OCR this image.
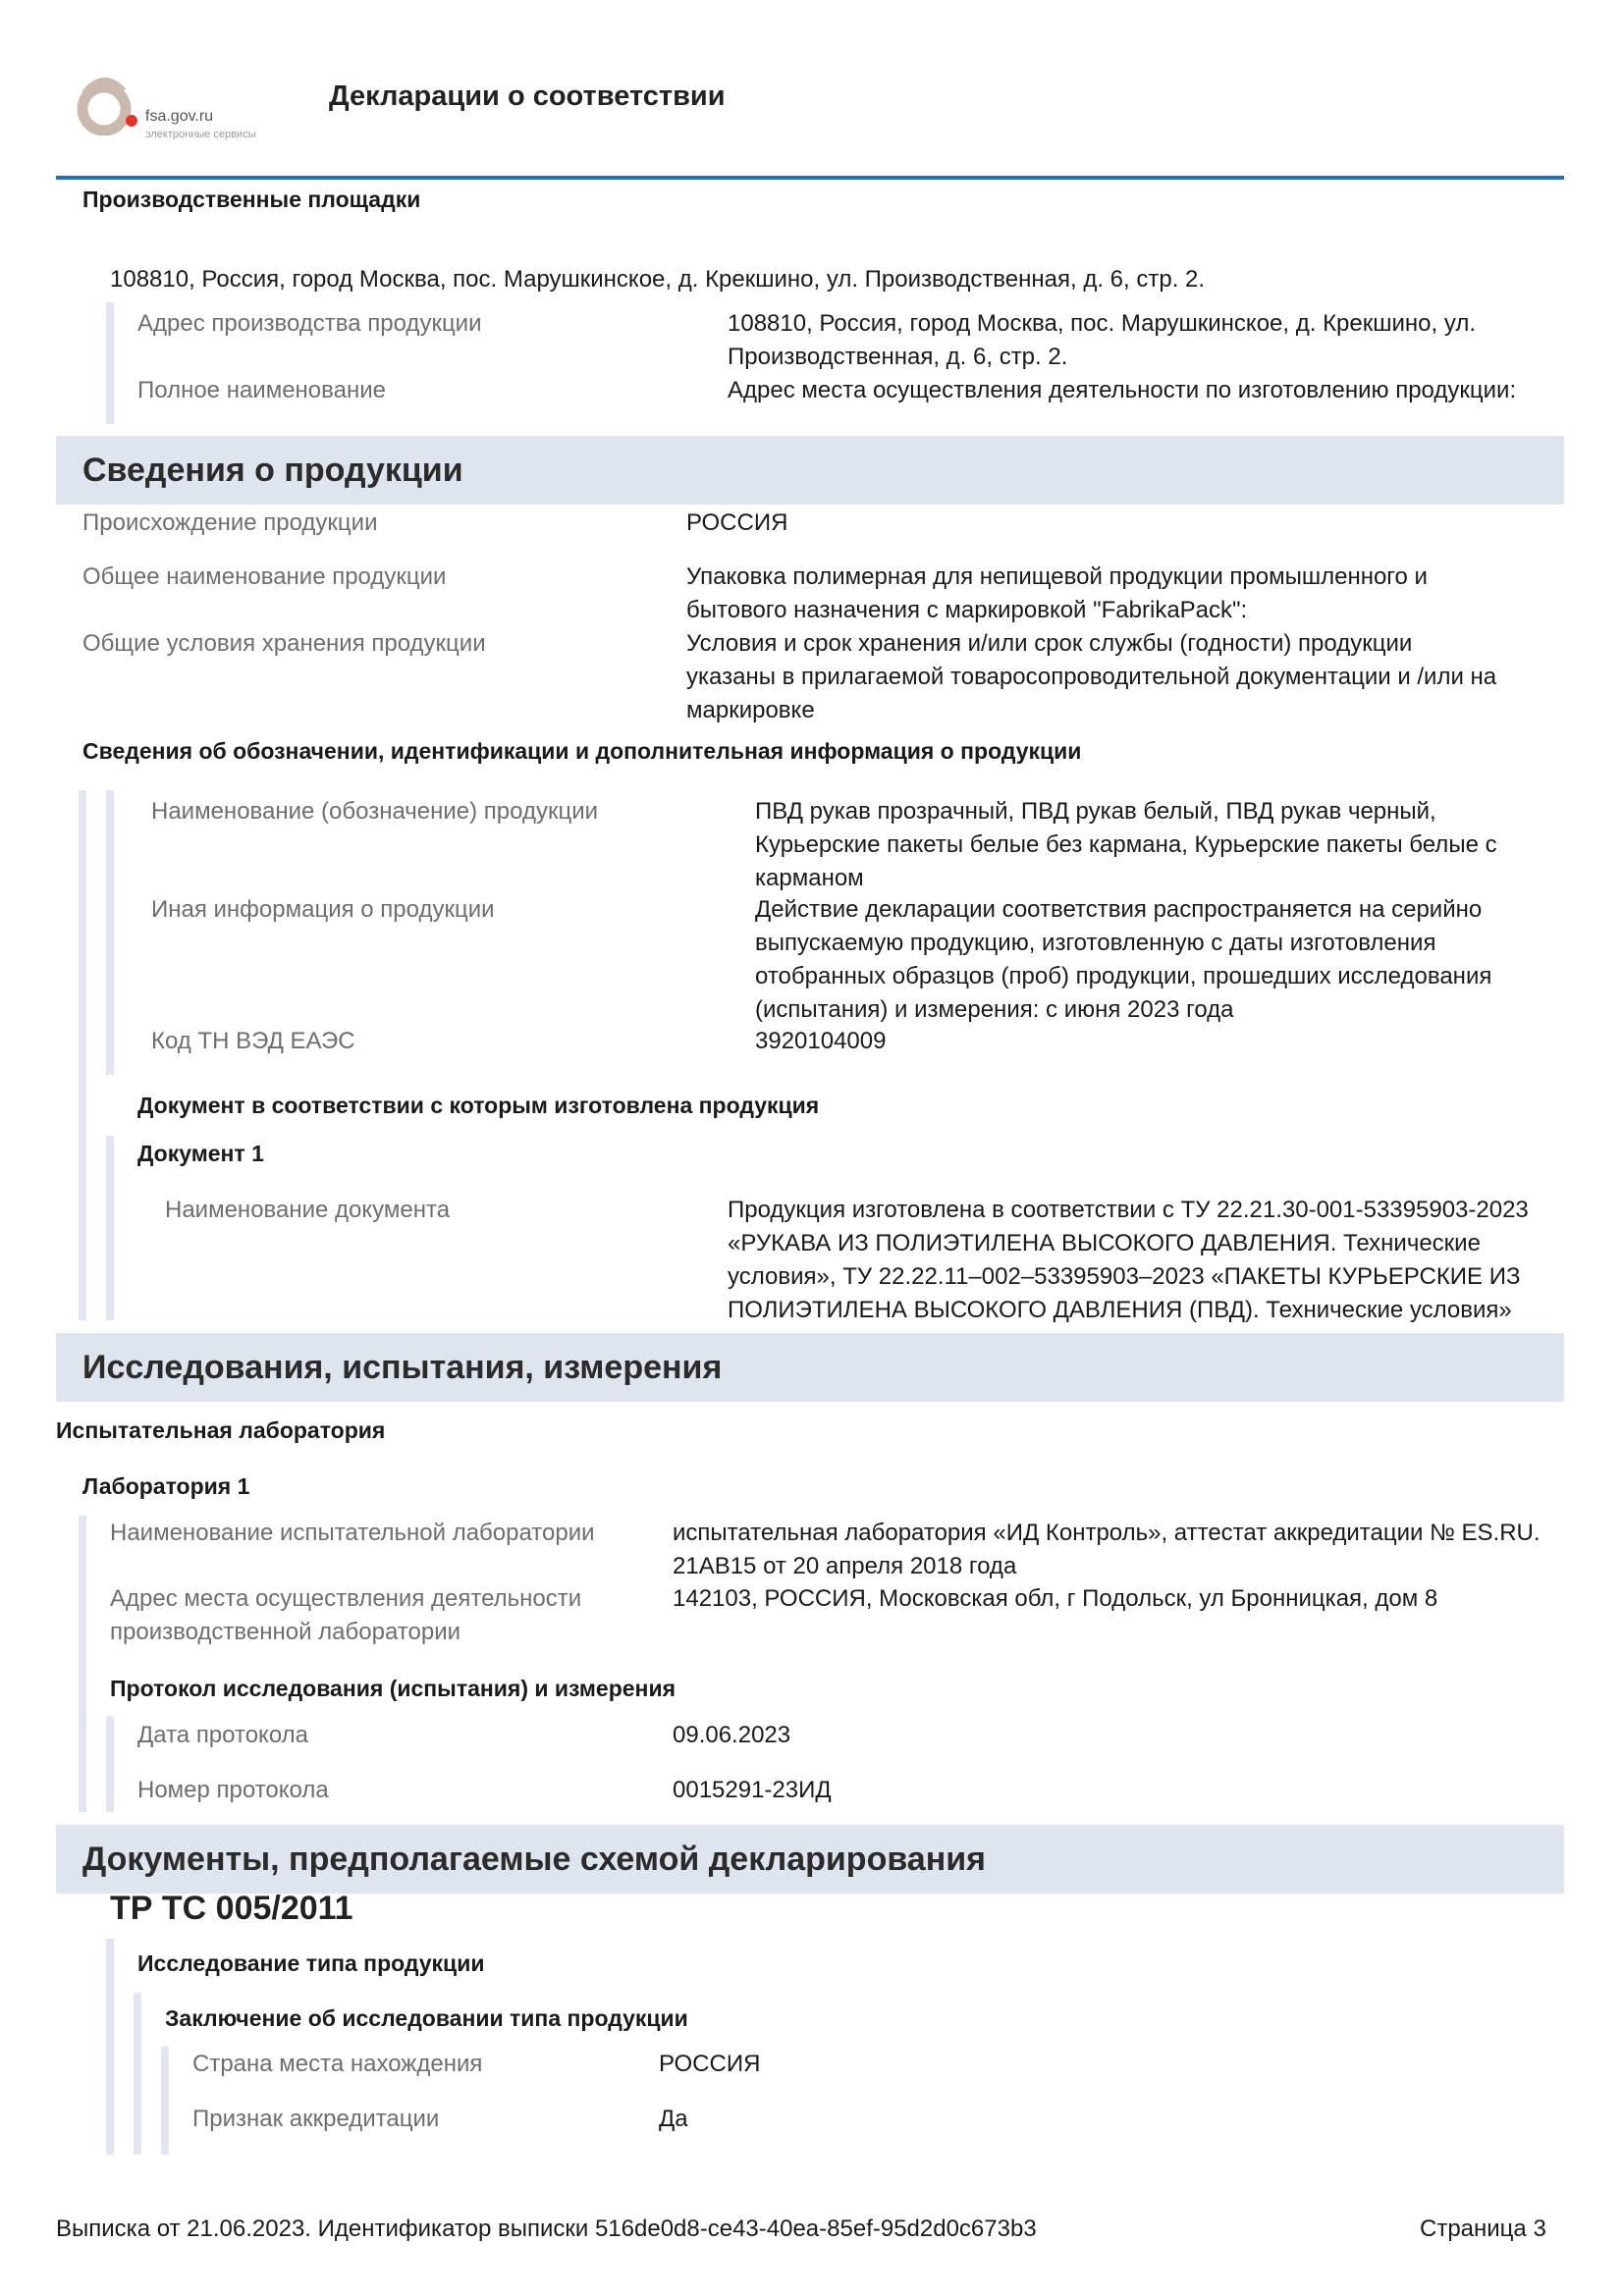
fsa.gov.ru
электронные сервисы
Декларации о соответствии
Производственные площадки
108810, Россия, город Москва, пос. Марушкинское, д. Крекшино, ул. Производственная, д. 6, стр. 2.
Адрес производства продукции	108810, Россия, город Москва, пос. Марушкинское, д. Крекшино, ул.
Производственная, д. 6, стр. 2.
Полное наименование	Адрес места осуществления деятельности по изготовлению продукции:
Сведения о продукции
Происхождение продукции	РОССИЯ
Общее наименование продукции	Упаковка полимерная для непищевой продукции промышленного и
бытового назначения с маркировкой "FabrikaPack":
Общие условия хранения продукции	Условия и срок хранения и/или срок службы (годности) продукции
указаны в прилагаемой товаросопроводительной документации и /или на
маркировке
Сведения об обозначении, идентификации и дополнительная информация о продукции
Наименование (обозначение) продукции	ПВД рукав прозрачный, ПВД рукав белый, ПВД рукав черный,
Курьерские пакеты белые без кармана, Курьерские пакеты белые с
карманом
Иная информация о продукции	Действие декларации соответствия распространяется на серийно
выпускаемую продукцию, изготовленную с даты изготовления
отобранных образцов (проб) продукции, прошедших исследования
(испытания) и измерения: с июня 2023 года
Код ТН ВЭД ЕАЭС	3920104009
Документ в соответствии с которым изготовлена продукция
Документ 1
Наименование документа	Продукция изготовлена в соответствии с ТУ 22.21.30-001-53395903-2023
«РУКАВА ИЗ ПОЛИЭТИЛЕНА ВЫСОКОГО ДАВЛЕНИЯ. Технические
условия», ТУ 22.22.11–002–53395903–2023 «ПАКЕТЫ КУРЬЕРСКИЕ ИЗ
ПОЛИЭТИЛЕНА ВЫСОКОГО ДАВЛЕНИЯ (ПВД). Технические условия»
Исследования, испытания, измерения
Испытательная лаборатория
Лаборатория 1
Наименование испытательной лаборатории	испытательная лаборатория «ИД Контроль», аттестат аккредитации № ES.RU.
21АВ15 от 20 апреля 2018 года
Адрес места осуществления деятельности
производственной лаборатории
142103, РОССИЯ, Московская обл, г Подольск, ул Бронницкая, дом 8
Протокол исследования (испытания) и измерения
Дата протокола	09.06.2023
Номер протокола	0015291-23ИД
Документы, предполагаемые схемой декларирования
ТР ТС 005/2011
Исследование типа продукции
Заключение об исследовании типа продукции
Страна места нахождения	РОССИЯ
Признак аккредитации	Да
Выписка от 21.06.2023. Идентификатор выписки 516de0d8-ce43-40ea-85ef-95d2d0c673b3	Страница 3
